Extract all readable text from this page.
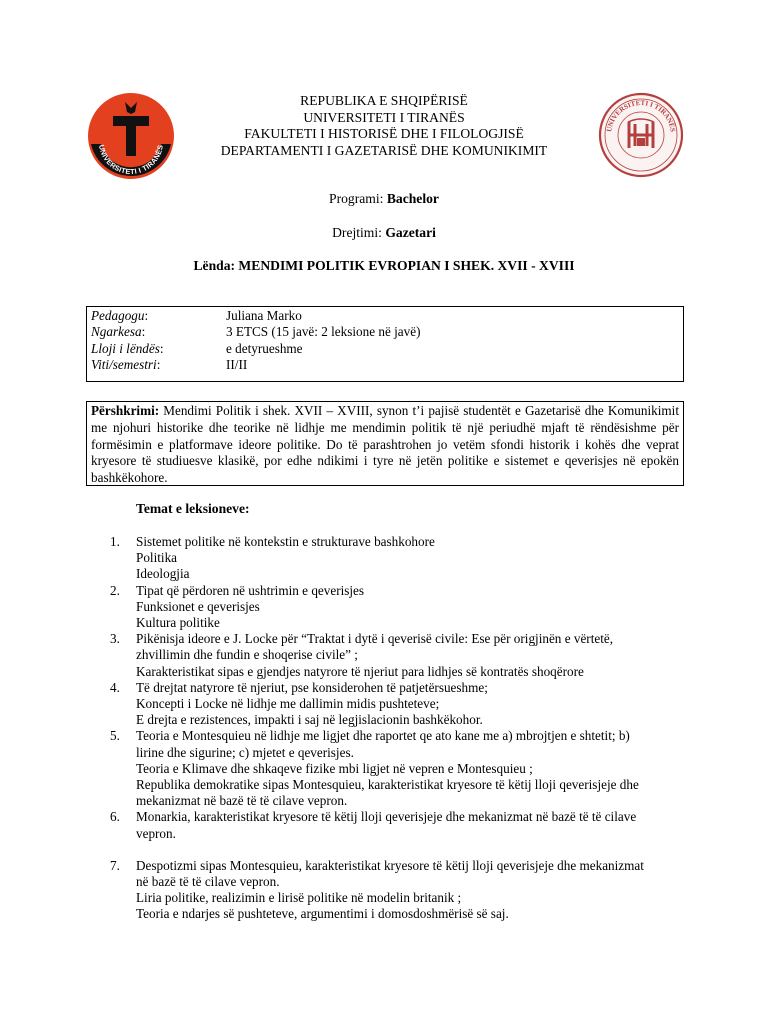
UNIVERSITETI I TIRANËS
UNIVERSITETI I TIRANËS
REPUBLIKA E SHQIPËRISË
UNIVERSITETI I TIRANËS
FAKULTETI I HISTORISË DHE I FILOLOGJISË
DEPARTAMENTI I GAZETARISË DHE KOMUNIKIMIT
Programi: Bachelor
Drejtimi: Gazetari
Lënda: MENDIMI POLITIK EVROPIAN I SHEK. XVII - XVIII
Pedagogu:	Juliana Marko
Ngarkesa:	3 ETCS (15 javë: 2 leksione në javë)
Lloji i lëndës:	e detyrueshme
Viti/semestri:	II/II
Përshkrimi: Mendimi Politik i shek. XVII – XVIII, synon t’i pajisë studentët e Gazetarisë dhe Komunikimit me njohuri historike dhe teorike në lidhje me mendimin politik të një periudhë mjaft të rëndësishme për formësimin e platformave ideore politike. Do të parashtrohen jo vetëm sfondi historik i kohës dhe veprat kryesore të studiuesve klasikë, por edhe ndikimi i tyre në jetën politike e sistemet e qeverisjes në epokën bashkëkohore.
Temat e leksioneve:
1. Sistemet politike në kontekstin e strukturave bashkohore
Politika
Ideologjia
2. Tipat që përdoren në ushtrimin e qeverisjes
Funksionet e qeverisjes
Kultura politike
3. Pikënisja ideore e J. Locke për “Traktat i dytë i qeverisë civile: Ese për origjinën e vërtetë,
zhvillimin dhe fundin e shoqerise civile” ;
Karakteristikat sipas e gjendjes natyrore të njeriut para lidhjes së kontratës shoqërore
4. Të drejtat natyrore të njeriut, pse konsiderohen të patjetërsueshme;
Koncepti i Locke në lidhje me dallimin midis pushteteve;
E drejta e rezistences, impakti i saj në legjislacionin bashkëkohor.
5. Teoria e Montesquieu në lidhje me ligjet dhe raportet qe ato kane me a) mbrojtjen e shtetit; b)
lirine dhe sigurine; c) mjetet e qeverisjes.
Teoria e Klimave dhe shkaqeve fizike mbi ligjet në vepren e Montesquieu ;
Republika demokratike sipas Montesquieu, karakteristikat kryesore të këtij lloji qeverisjeje dhe
mekanizmat në bazë të të cilave vepron.
6. Monarkia, karakteristikat kryesore të këtij lloji qeverisjeje dhe mekanizmat në bazë të të cilave
vepron.
7. Despotizmi sipas Montesquieu, karakteristikat kryesore të këtij lloji qeverisjeje dhe mekanizmat
në bazë të të cilave vepron.
Liria politike, realizimin e lirisë politike në modelin britanik ;
Teoria e ndarjes së pushteteve, argumentimi i domosdoshmërisë së saj.
